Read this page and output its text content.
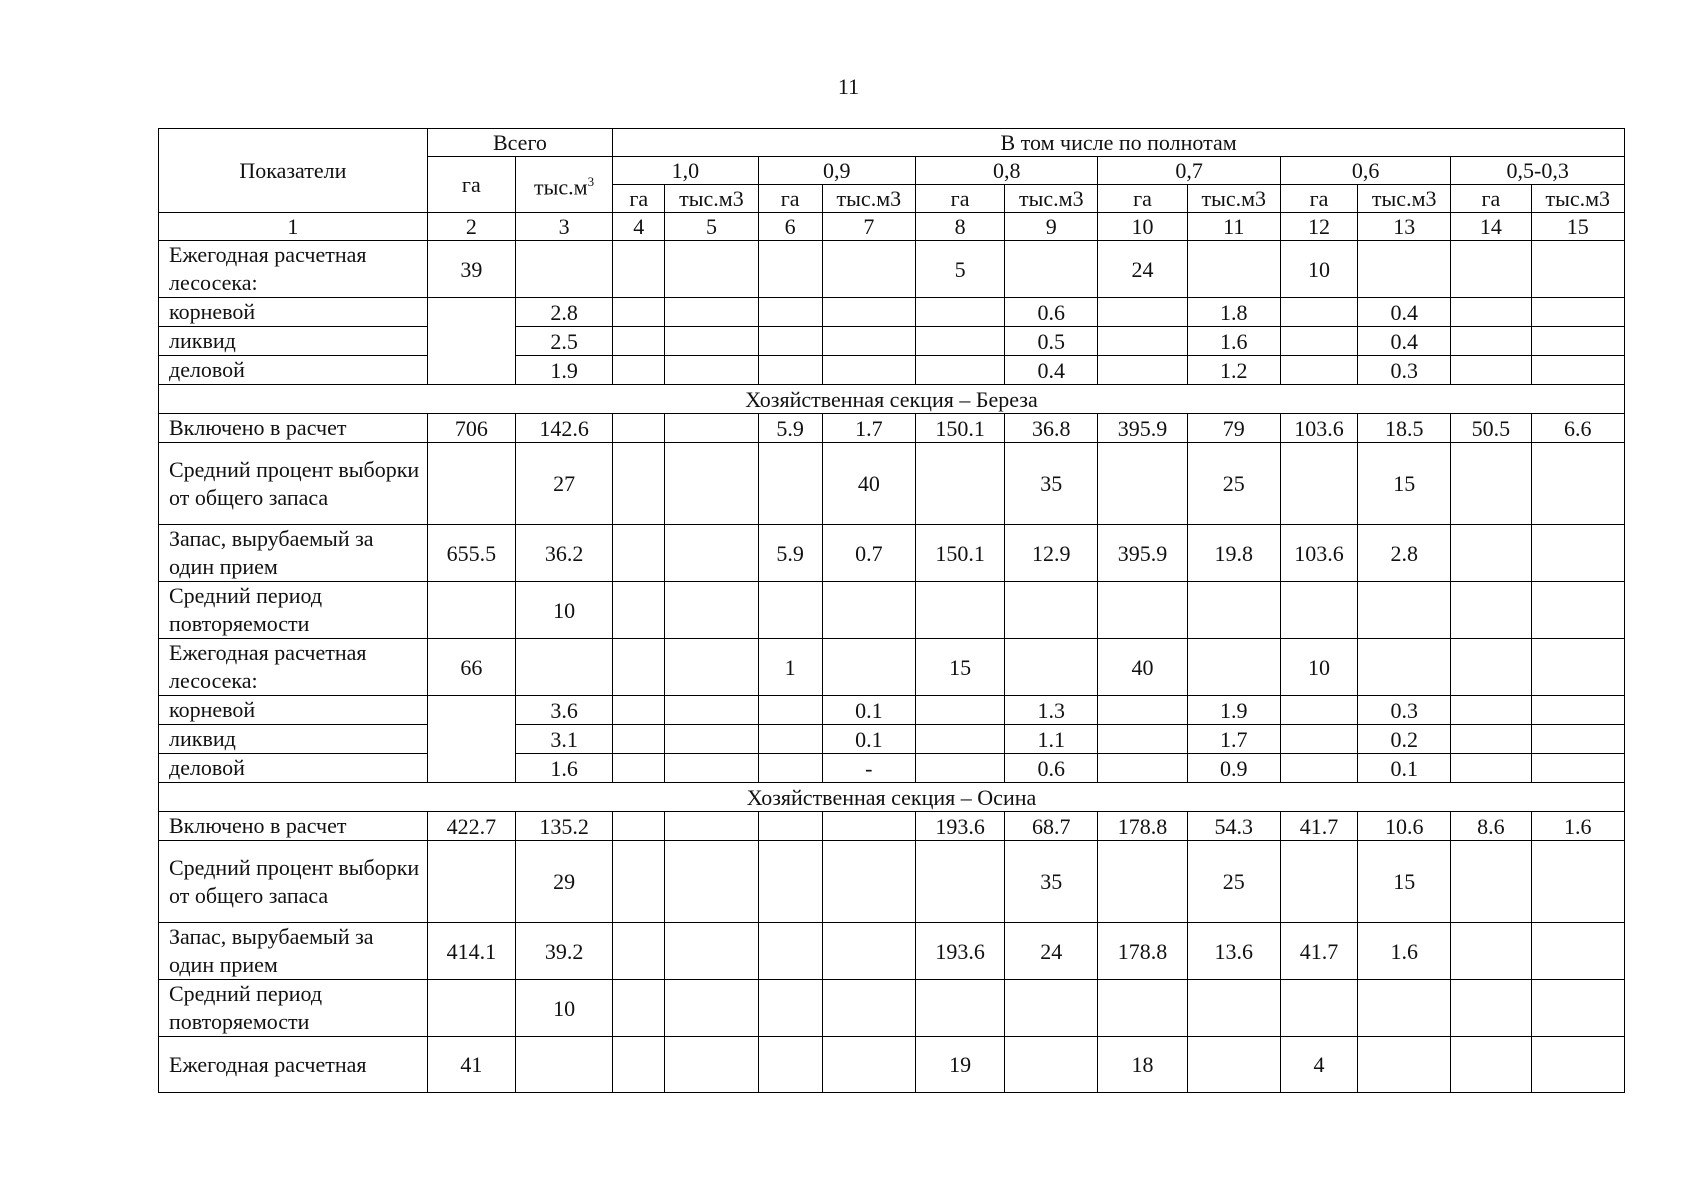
11
Показатели	Всего		В том числе по полнотам											
	га	$тыс.м^3$	1,0		0,9		0,8		0,7		0,6		0,5-0,3	
			га	тыс.м3	га	тыс.м3	га	тыс.м3	га	тыс.м3	га	тыс.м3	га	тыс.м3
1	2	3	4	5	6	7	8	9	10	11	12	13	14	15
Ежегодная расчетная лесосека:	39						5		24		10			
корневой		2.8						0.6		1.8		0.4		
ликвид		2.5						0.5		1.6		0.4		
деловой		1.9						0.4		1.2		0.3		
Хозяйственная секция – Береза														
Включено в расчет	706	142.6			5.9	1.7	150.1	36.8	395.9	79	103.6	18.5	50.5	6.6
Средний процент выборки от общего запаса		27				40		35		25		15		
Запас, вырубаемый за один прием	655.5	36.2			5.9	0.7	150.1	12.9	395.9	19.8	103.6	2.8		
Средний период повторяемости		10												
Ежегодная расчетная лесосека:	66				1		15		40		10			
корневой		3.6				0.1		1.3		1.9		0.3		
ликвид		3.1				0.1		1.1		1.7		0.2		
деловой		1.6				-		0.6		0.9		0.1		
Хозяйственная секция – Осина														
Включено в расчет	422.7	135.2					193.6	68.7	178.8	54.3	41.7	10.6	8.6	1.6
Средний процент выборки от общего запаса		29						35		25		15		
Запас, вырубаемый за один прием	414.1	39.2					193.6	24	178.8	13.6	41.7	1.6		
Средний период повторяемости		10												
Ежегодная расчетная	41						19		18		4			
